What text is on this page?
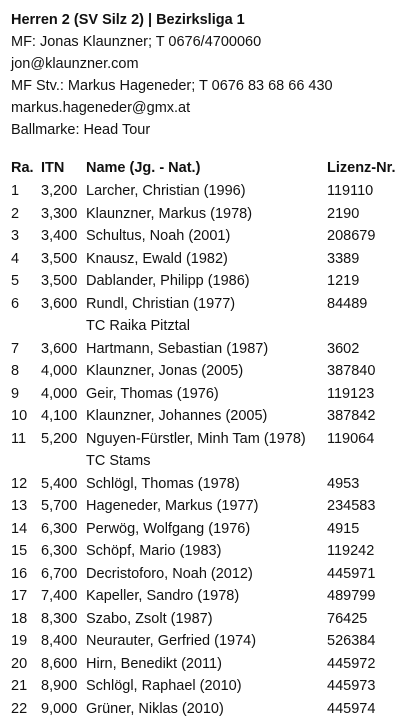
Herren 2 (SV Silz 2) | Bezirksliga 1
MF: Jonas Klaunzner; T 0676/4700060
jon@klaunzner.com
MF Stv.: Markus Hageneder; T 0676 83 68 66 430
markus.hageneder@gmx.at
Ballmarke: Head Tour
Ra. ITN Name (Jg. - Nat.)	Lizenz-Nr.
1 3,200 Larcher, Christian (1996)	119110
2 3,300 Klaunzner, Markus (1978)	2190
3 3,400 Schultus, Noah (2001)	208679
4 3,500 Knausz, Ewald (1982)	3389
5 3,500 Dablander, Philipp (1986)	1219
6 3,600 Rundl, Christian (1977)	84489
TC Raika Pitztal
7 3,600 Hartmann, Sebastian (1987)	3602
8 4,000 Klaunzner, Jonas (2005)	387840
9 4,000 Geir, Thomas (1976)	119123
10 4,100 Klaunzner, Johannes (2005)	387842
11 5,200 Nguyen-Fürstler, Minh Tam (1978) 119064
TC Stams
12 5,400 Schlögl, Thomas (1978)	4953
13 5,700 Hageneder, Markus (1977)	234583
14 6,300 Perwög, Wolfgang (1976)	4915
15 6,300 Schöpf, Mario (1983)	119242
16 6,700 Decristoforo, Noah (2012)	445971
17 7,400 Kapeller, Sandro (1978)	489799
18 8,300 Szabo, Zsolt (1987)	76425
19 8,400 Neurauter, Gerfried (1974)	526384
20 8,600 Hirn, Benedikt (2011)	445972
21 8,900 Schlögl, Raphael (2010)	445973
22 9,000 Grüner, Niklas (2010)	445974
